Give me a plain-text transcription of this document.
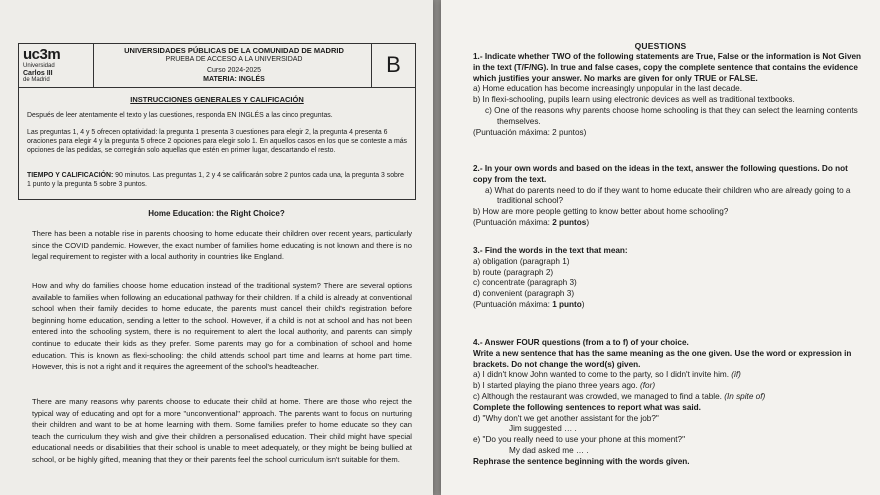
uc3m
Universidad
Carlos III
de Madrid
UNIVERSIDADES PÚBLICAS DE LA COMUNIDAD DE MADRID
PRUEBA DE ACCESO A LA UNIVERSIDAD
Curso 2024-2025
MATERIA: INGLÉS
B
INSTRUCCIONES GENERALES Y CALIFICACIÓN
Después de leer atentamente el texto y las cuestiones, responda EN INGLÉS a las cinco preguntas.
Las preguntas 1, 4 y 5 ofrecen optatividad: la pregunta 1 presenta 3 cuestiones para elegir 2, la pregunta 4 presenta 6 oraciones para elegir 4 y la pregunta 5 ofrece 2 opciones para elegir solo 1. En aquellos casos en los que se conteste a más opciones de las pedidas, se corregirán solo aquellas que estén en primer lugar, descartando el resto.
TIEMPO Y CALIFICACIÓN: 90 minutos. Las preguntas 1, 2 y 4 se calificarán sobre 2 puntos cada una, la pregunta 3 sobre 1 punto y la pregunta 5 sobre 3 puntos.
Home Education: the Right Choice?
There has been a notable rise in parents choosing to home educate their children over recent years, particularly since the COVID pandemic. However, the exact number of families home educating is not known and there is no legal requirement to register with a local authority in countries like England.
How and why do families choose home education instead of the traditional system? There are several options available to families when following an educational pathway for their children. If a child is already at conventional school when their family decides to home educate, the parents must cancel their child's registration before beginning home education, sending a letter to the school. However, if a child is not at school and has not been entered into the schooling system, there is no requirement to alert the local authority, and parents can simply continue to educate their kids as they prefer. Some parents may go for a combination of school and home education. This is known as flexi-schooling: the child attends school part time and learns at home part time. However, this is not a right and it requires the agreement of the school's headteacher.
There are many reasons why parents choose to educate their child at home. There are those who reject the typical way of educating and opt for a more "unconventional" approach. The parents want to focus on nurturing their children and want to be at home learning with them. Some families prefer to home educate so they can teach the curriculum they wish and give their children a personalised education. Their child might have special educational needs or disabilities that their school is unable to meet adequately, or they might be being bullied at school, or be highly gifted, meaning that they or their parents feel the school curriculum isn't suitable for them.
QUESTIONS
1.- Indicate whether TWO of the following statements are True, False or the information is Not Given in the text (T/F/NG). In true and false cases, copy the complete sentence that contains the evidence which justifies your answer. No marks are given for only TRUE or FALSE.
a) Home education has become increasingly unpopular in the last decade.
b) In flexi-schooling, pupils learn using electronic devices as well as traditional textbooks.
c) One of the reasons why parents choose home schooling is that they can select the learning contents themselves.
(Puntuación máxima: 2 puntos)
2.- In your own words and based on the ideas in the text, answer the following questions. Do not copy from the text.
a) What do parents need to do if they want to home educate their children who are already going to a traditional school?
b) How are more people getting to know better about home schooling?
(Puntuación máxima: 2 puntos)
3.- Find the words in the text that mean:
a) obligation (paragraph 1)
b) route (paragraph 2)
c) concentrate (paragraph 3)
d) convenient (paragraph 3)
(Puntuación máxima: 1 punto)
4.- Answer FOUR questions (from a to f) of your choice.
Write a new sentence that has the same meaning as the one given. Use the word or expression in brackets. Do not change the word(s) given.
a) I didn't know John wanted to come to the party, so I didn't invite him. (if)
b) I started playing the piano three years ago. (for)
c) Although the restaurant was crowded, we managed to find a table. (In spite of)
Complete the following sentences to report what was said.
d) "Why don't we get another assistant for the job?"
Jim suggested … .
e) "Do you really need to use your phone at this moment?"
My dad asked me … .
Rephrase the sentence beginning with the words given.
